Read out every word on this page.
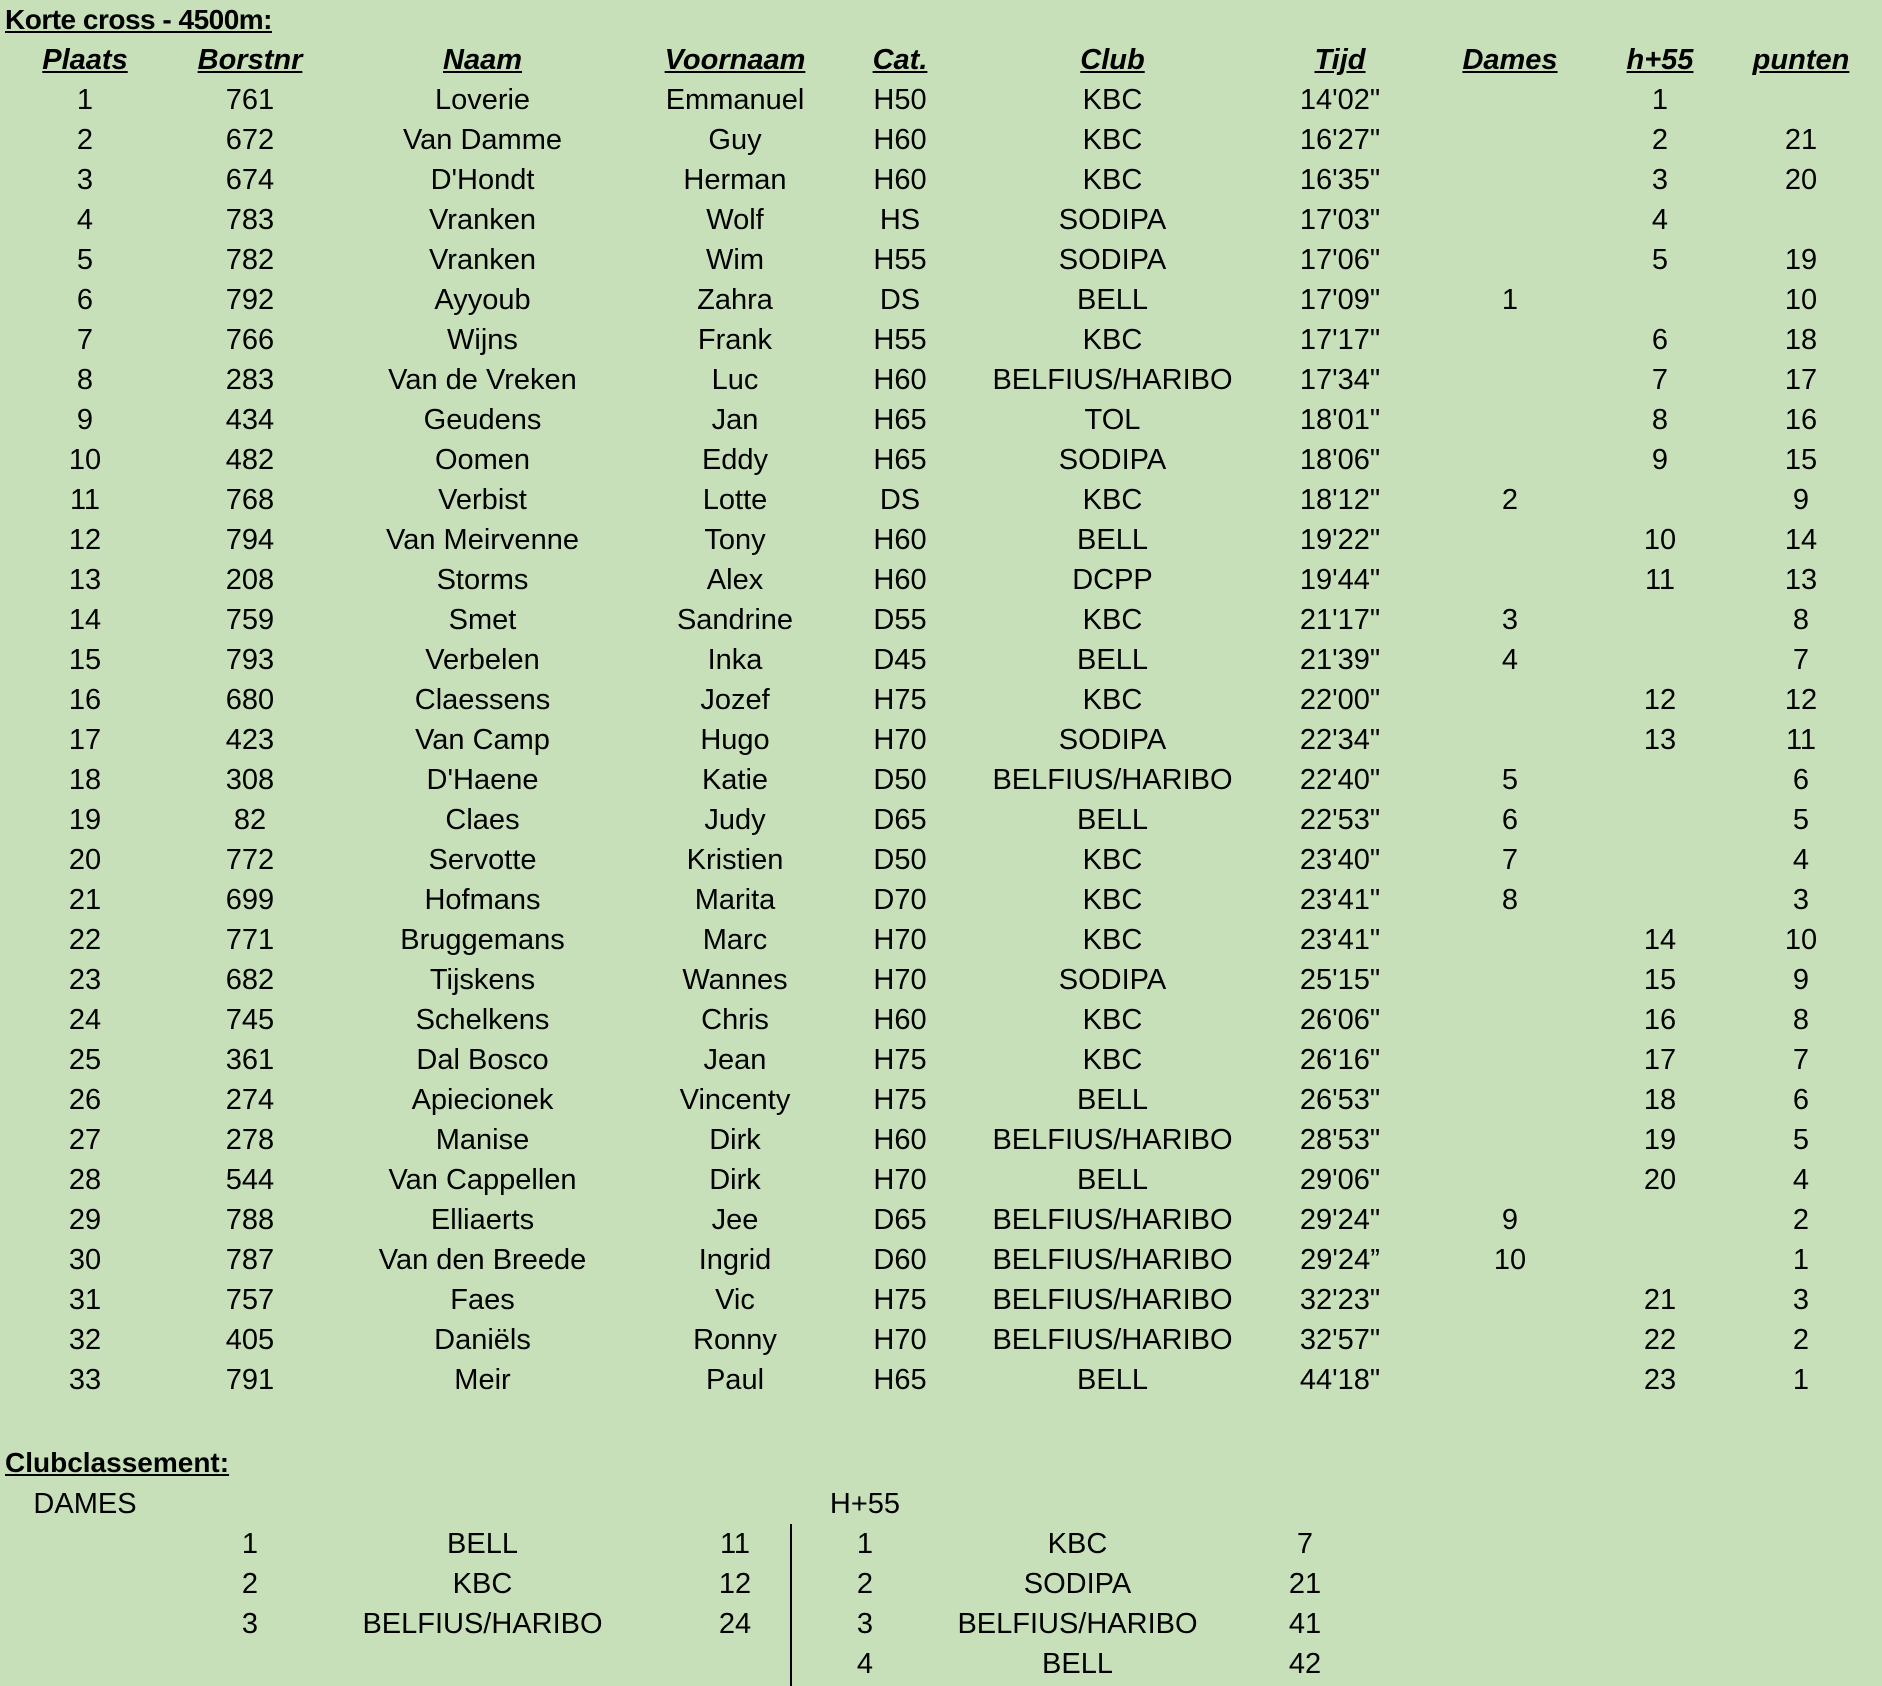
Korte cross - 4500m:
Plaats	Borstnr	Naam	Voornaam	Cat.	Club	Tijd	Dames	h+55	punten
1	761	Loverie	Emmanuel	H50	KBC	14'02"		1	
2	672	Van Damme	Guy	H60	KBC	16'27"		2	21
3	674	D'Hondt	Herman	H60	KBC	16'35"		3	20
4	783	Vranken	Wolf	HS	SODIPA	17'03"		4	
5	782	Vranken	Wim	H55	SODIPA	17'06"		5	19
6	792	Ayyoub	Zahra	DS	BELL	17'09"	1		10
7	766	Wijns	Frank	H55	KBC	17'17"		6	18
8	283	Van de Vreken	Luc	H60	BELFIUS/HARIBO	17'34"		7	17
9	434	Geudens	Jan	H65	TOL	18'01"		8	16
10	482	Oomen	Eddy	H65	SODIPA	18'06"		9	15
11	768	Verbist	Lotte	DS	KBC	18'12"	2		9
12	794	Van Meirvenne	Tony	H60	BELL	19'22"		10	14
13	208	Storms	Alex	H60	DCPP	19'44"		11	13
14	759	Smet	Sandrine	D55	KBC	21'17"	3		8
15	793	Verbelen	Inka	D45	BELL	21'39"	4		7
16	680	Claessens	Jozef	H75	KBC	22'00"		12	12
17	423	Van Camp	Hugo	H70	SODIPA	22'34"		13	11
18	308	D'Haene	Katie	D50	BELFIUS/HARIBO	22'40"	5		6
19	82	Claes	Judy	D65	BELL	22'53"	6		5
20	772	Servotte	Kristien	D50	KBC	23'40"	7		4
21	699	Hofmans	Marita	D70	KBC	23'41"	8		3
22	771	Bruggemans	Marc	H70	KBC	23'41"		14	10
23	682	Tijskens	Wannes	H70	SODIPA	25'15"		15	9
24	745	Schelkens	Chris	H60	KBC	26'06"		16	8
25	361	Dal Bosco	Jean	H75	KBC	26'16"		17	7
26	274	Apiecionek	Vincenty	H75	BELL	26'53"		18	6
27	278	Manise	Dirk	H60	BELFIUS/HARIBO	28'53"		19	5
28	544	Van Cappellen	Dirk	H70	BELL	29'06"		20	4
29	788	Elliaerts	Jee	D65	BELFIUS/HARIBO	29'24"	9		2
30	787	Van den Breede	Ingrid	D60	BELFIUS/HARIBO	29'24”	10		1
31	757	Faes	Vic	H75	BELFIUS/HARIBO	32'23"		21	3
32	405	Daniëls	Ronny	H70	BELFIUS/HARIBO	32'57"		22	2
33	791	Meir	Paul	H65	BELL	44'18"		23	1
Clubclassement:
DAMES	H+55
1	BELL	11
2	KBC	12
3	BELFIUS/HARIBO	24
1	KBC	7
2	SODIPA	21
3	BELFIUS/HARIBO	41
4	BELL	42
